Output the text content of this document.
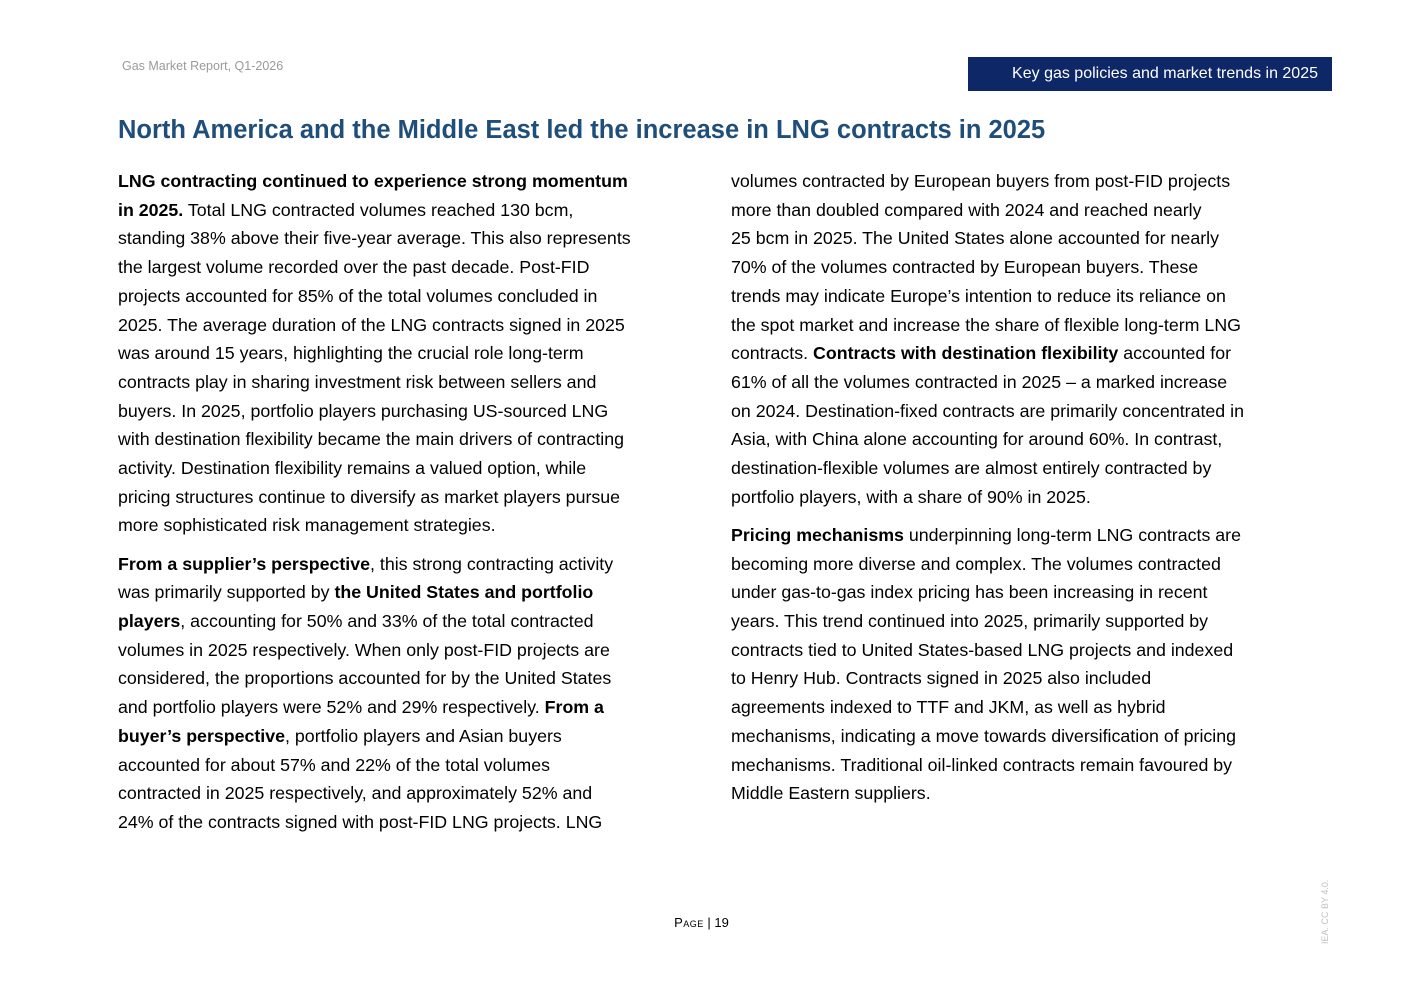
Gas Market Report, Q1-2026	Key gas policies and market trends in 2025
North America and the Middle East led the increase in LNG contracts in 2025

LNG contracting continued to experience strong momentum
in 2025. Total LNG contracted volumes reached 130 bcm,
standing 38% above their five-year average. This also represents
the largest volume recorded over the past decade. Post-FID
projects accounted for 85% of the total volumes concluded in
2025. The average duration of the LNG contracts signed in 2025
was around 15 years, highlighting the crucial role long-term
contracts play in sharing investment risk between sellers and
buyers. In 2025, portfolio players purchasing US-sourced LNG
with destination flexibility became the main drivers of contracting
activity. Destination flexibility remains a valued option, while
pricing structures continue to diversify as market players pursue
more sophisticated risk management strategies.

From a supplier’s perspective, this strong contracting activity
was primarily supported by the United States and portfolio
players, accounting for 50% and 33% of the total contracted
volumes in 2025 respectively. When only post-FID projects are
considered, the proportions accounted for by the United States
and portfolio players were 52% and 29% respectively. From a
buyer’s perspective, portfolio players and Asian buyers
accounted for about 57% and 22% of the total volumes
contracted in 2025 respectively, and approximately 52% and
24% of the contracts signed with post-FID LNG projects. LNG

volumes contracted by European buyers from post-FID projects
more than doubled compared with 2024 and reached nearly
25 bcm in 2025. The United States alone accounted for nearly
70% of the volumes contracted by European buyers. These
trends may indicate Europe’s intention to reduce its reliance on
the spot market and increase the share of flexible long-term LNG
contracts. Contracts with destination flexibility accounted for
61% of all the volumes contracted in 2025 – a marked increase
on 2024. Destination-fixed contracts are primarily concentrated in
Asia, with China alone accounting for around 60%. In contrast,
destination-flexible volumes are almost entirely contracted by
portfolio players, with a share of 90% in 2025.

Pricing mechanisms underpinning long-term LNG contracts are
becoming more diverse and complex. The volumes contracted
under gas-to-gas index pricing has been increasing in recent
years. This trend continued into 2025, primarily supported by
contracts tied to United States-based LNG projects and indexed
to Henry Hub. Contracts signed in 2025 also included
agreements indexed to TTF and JKM, as well as hybrid
mechanisms, indicating a move towards diversification of pricing
mechanisms. Traditional oil-linked contracts remain favoured by
Middle Eastern suppliers.

Page | 19	IEA. CC BY 4.0.
